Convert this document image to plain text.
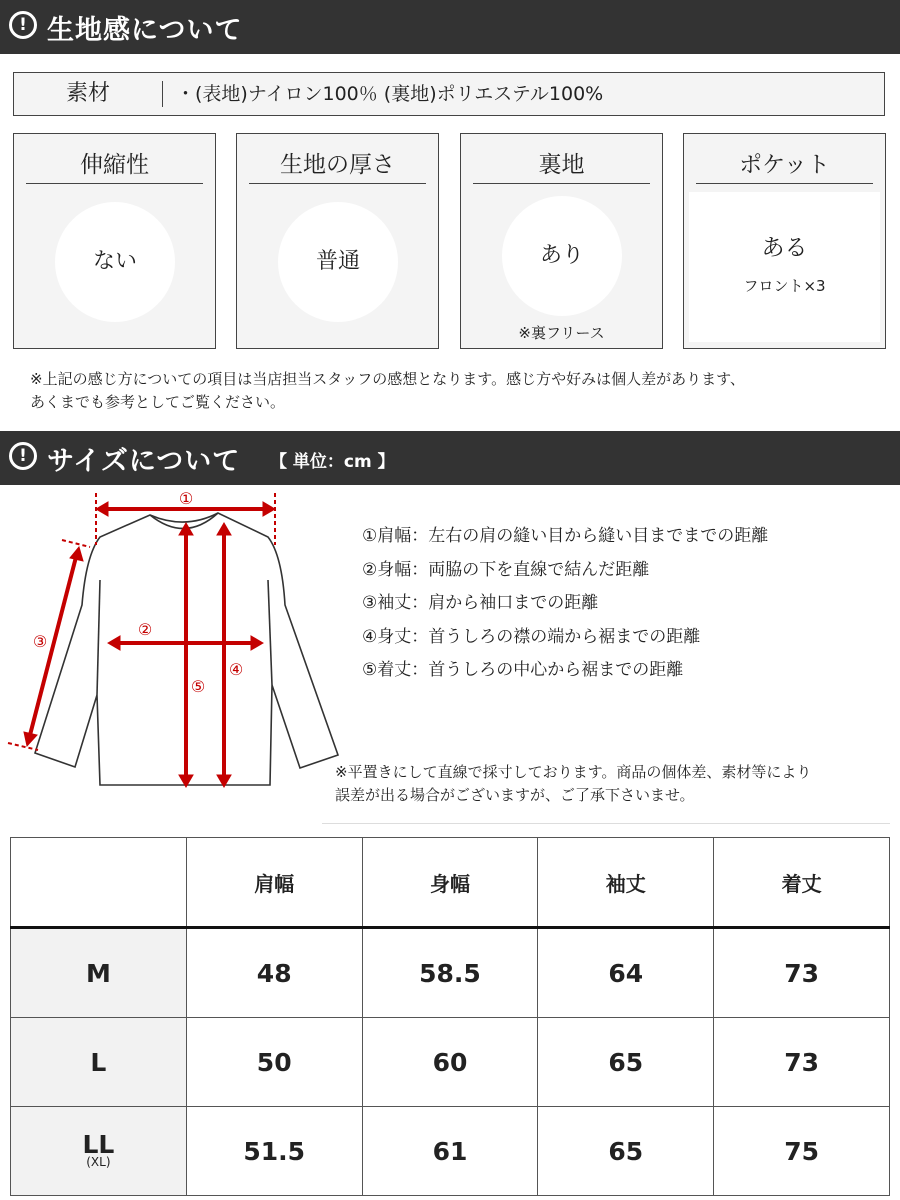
! 生地感について
素材	・(表地)ナイロン100％ (裏地)ポリエステル100%
伸縮性
ない
生地の厚さ
普通
裏地
あり
※裏フリース
ポケット
ある
フロント×3
※上記の感じ方についての項目は当店担当スタッフの感想となります。感じ方や好みは個人差があります、
あくまでも参考としてご覧ください。
! サイズについて 【 単位：cm 】
①
②
③
④
⑤
①肩幅：左右の肩の縫い目から縫い目までまでの距離
②身幅：両脇の下を直線で結んだ距離
③袖丈：肩から袖口までの距離
④身丈：首うしろの襟の端から裾までの距離
⑤着丈：首うしろの中心から裾までの距離
※平置きにして直線で採寸しております。商品の個体差、素材等により
誤差が出る場合がございますが、ご了承下さいませ。
	肩幅	身幅	袖丈	着丈
M	48	58.5	64	73
L	50	60	65	73

LL
(XL)	51.5	61	65	75
